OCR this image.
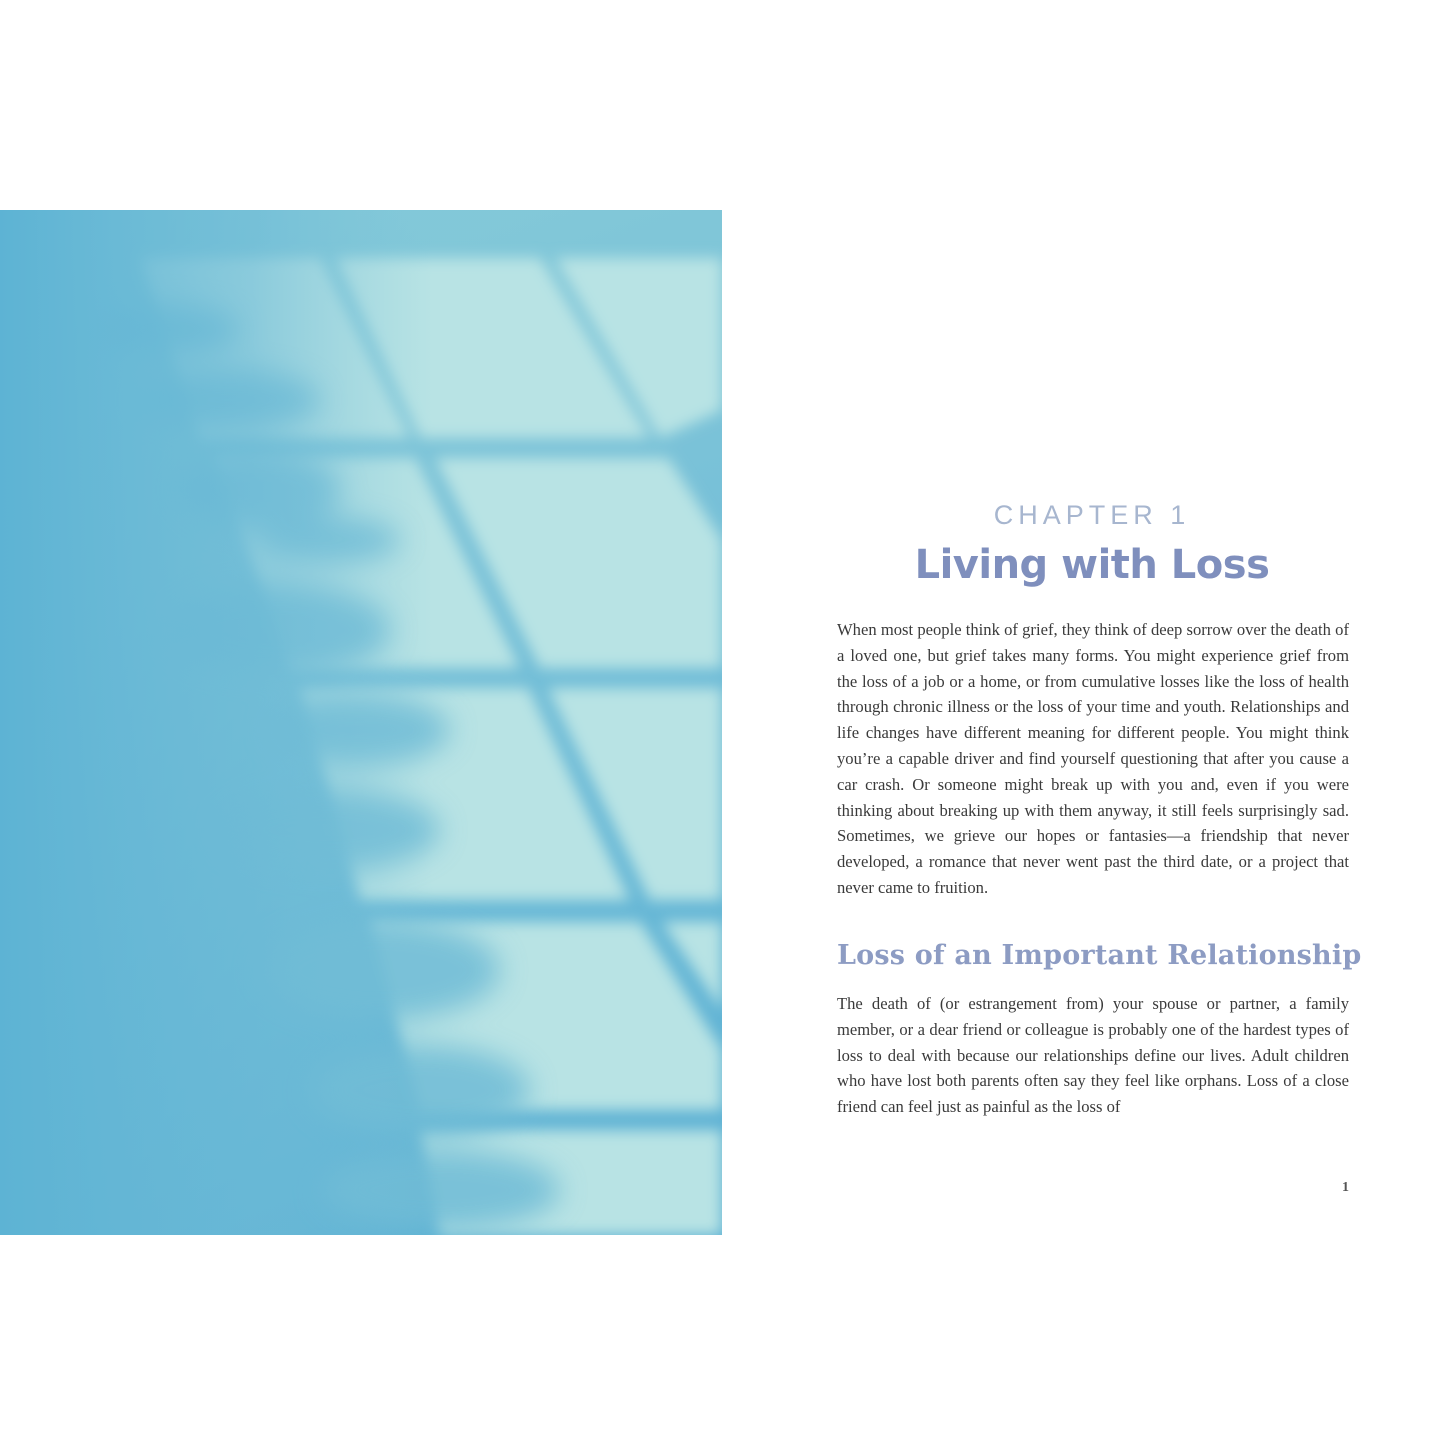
CHAPTER 1
Living with Loss

When most people think of grief, they think of deep sorrow over the death of a loved one, but grief takes many forms. You might experience grief from the loss of a job or a home, or from cumulative losses like the loss of health through chronic illness or the loss of your time and youth. Relationships and life changes have different meaning for different people. You might think you’re a capable driver and find yourself questioning that after you cause a car crash. Or someone might break up with you and, even if you were thinking about breaking up with them anyway, it still feels surprisingly sad. Sometimes, we grieve our hopes or fantasies—a friendship that never developed, a romance that never went past the third date, or a project that never came to fruition.

Loss of an Important Relationship

The death of (or estrangement from) your spouse or partner, a family member, or a dear friend or colleague is probably one of the hardest types of loss to deal with because our relationships define our lives. Adult children who have lost both parents often say they feel like orphans. Loss of a close friend can feel just as painful as the loss of

1
